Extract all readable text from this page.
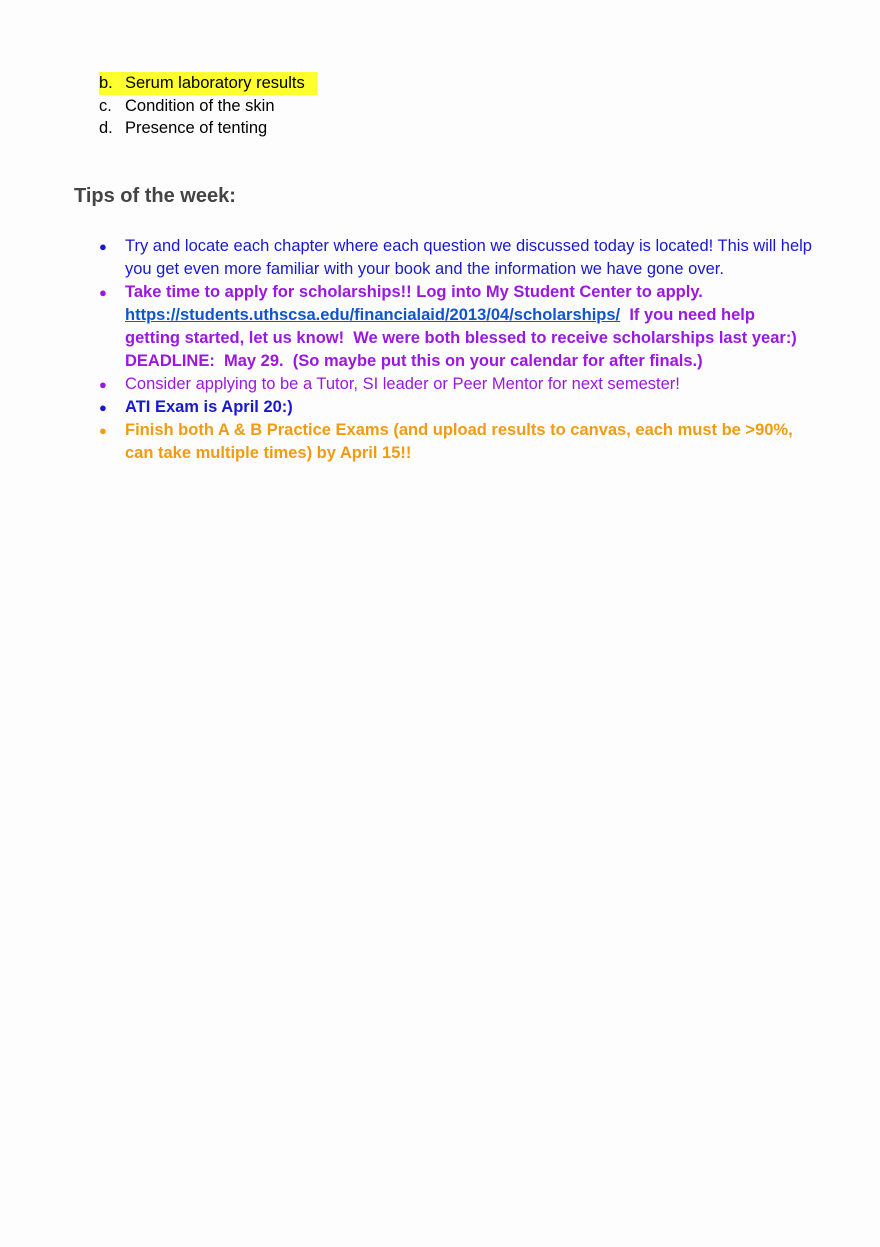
b. Serum laboratory results
c. Condition of the skin
d. Presence of tenting
Tips of the week:
●	Try and locate each chapter where each question we discussed today is located! This will help you get even more familiar with your book and the information we have gone over.
●	Take time to apply for scholarships!! Log into My Student Center to apply. https://students.uthscsa.edu/financialaid/2013/04/scholarships/  If you need help getting started, let us know!  We were both blessed to receive scholarships last year:) DEADLINE:  May 29.  (So maybe put this on your calendar for after finals.)
●	Consider applying to be a Tutor, SI leader or Peer Mentor for next semester!
●	ATI Exam is April 20:)
●	Finish both A & B Practice Exams (and upload results to canvas, each must be >90%, can take multiple times) by April 15!!
